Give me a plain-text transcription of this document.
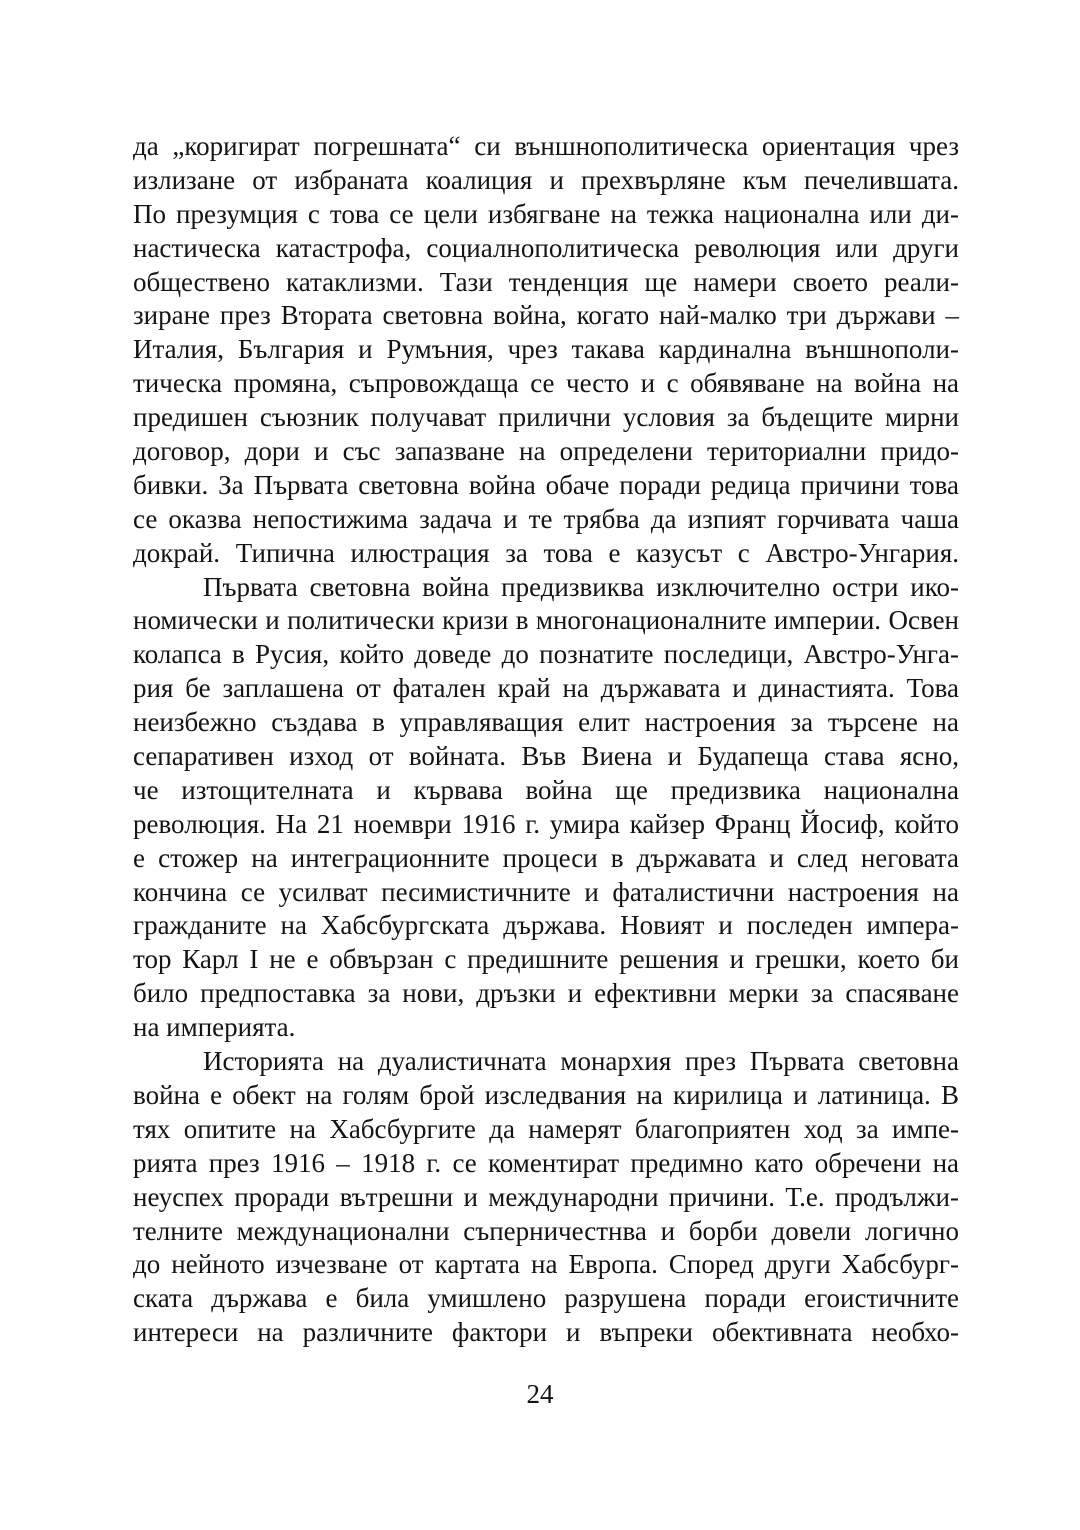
да „коригират погрешната“ си външнополитическа ориентация чрез
излизане от избраната коалиция и прехвърляне към печелившата.
По презумция с това се цели избягване на тежка национална или ди-
настическа катастрофа, социалнополитическа революция или други
обществено катаклизми. Тази тенденция ще намери своето реали-
зиране през Втората световна война, когато най-малко три държави –
Италия, България и Румъния, чрез такава кардинална външнополи-
тическа промяна, съпровождаща се често и с обявяване на война на
предишен съюзник получават прилични условия за бъдещите мирни
договор, дори и със запазване на определени териториални придо-
бивки. За Първата световна война обаче поради редица причини това
се оказва непостижима задача и те трябва да изпият горчивата чаша
докрай. Типична илюстрация за това е казусът с Австро-Унгария.
Първата световна война предизвиква изключително остри ико-
номически и политически кризи в многонационалните империи. Освен
колапса в Русия, който доведе до познатите последици, Австро-Унга-
рия бе заплашена от фатален край на държавата и династията. Това
неизбежно създава в управляващия елит настроения за търсене на
сепаративен изход от войната. Във Виена и Будапеща става ясно,
че изтощителната и кървава война ще предизвика национална
революция. На 21 ноември 1916 г. умира кайзер Франц Йосиф, който
е стожер на интеграционните процеси в държавата и след неговата
кончина се усилват песимистичните и фаталистични настроения на
гражданите на Хабсбургската държава. Новият и последен импера-
тор Карл I не е обвързан с предишните решения и грешки, което би
било предпоставка за нови, дръзки и ефективни мерки за спасяване
на империята.
Историята на дуалистичната монархия през Първата световна
война е обект на голям брой изследвания на кирилица и латиница. В
тях опитите на Хабсбургите да намерят благоприятен ход за импе-
рията през 1916 – 1918 г. се коментират предимно като обречени на
неуспех проради вътрешни и международни причини. Т.е. продължи-
телните междунационални съперничестнва и борби довели логично
до нейното изчезване от картата на Европа. Според други Хабсбург-
ската държава е била умишлено разрушена поради егоистичните
интереси на различните фактори и въпреки обективната необхо-
24
